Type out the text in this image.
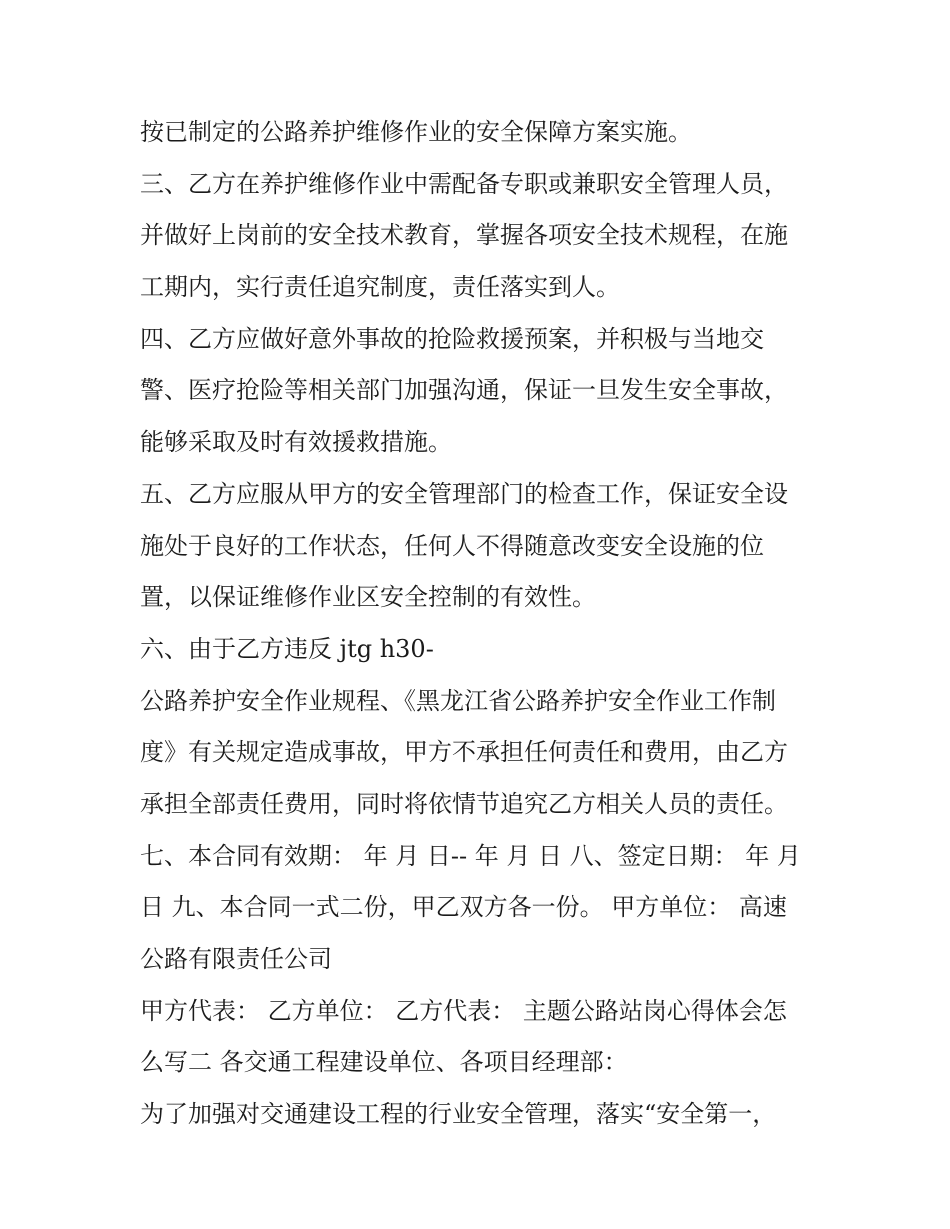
按已制定的公路养护维修作业的安全保障方案实施。
三、乙方在养护维修作业中需配备专职或兼职安全管理人员，
并做好上岗前的安全技术教育，掌握各项安全技术规程，在施
工期内，实行责任追究制度，责任落实到人。
四、乙方应做好意外事故的抢险救援预案，并积极与当地交
警、医疗抢险等相关部门加强沟通，保证一旦发生安全事故，
能够采取及时有效援救措施。
五、乙方应服从甲方的安全管理部门的检查工作，保证安全设
施处于良好的工作状态，任何人不得随意改变安全设施的位
置，以保证维修作业区安全控制的有效性。
六、由于乙方违反 jtg h30-
公路养护安全作业规程、《黑龙江省公路养护安全作业工作制
度》有关规定造成事故，甲方不承担任何责任和费用，由乙方
承担全部责任费用，同时将依情节追究乙方相关人员的责任。
七、本合同有效期： 年 月 日-- 年 月 日 八、签定日期： 年 月
日 九、本合同一式二份，甲乙双方各一份。 甲方单位： 高速
公路有限责任公司
甲方代表： 乙方单位： 乙方代表： 主题公路站岗心得体会怎
么写二 各交通工程建设单位、各项目经理部：
为了加强对交通建设工程的行业安全管理，落实“安全第一，
